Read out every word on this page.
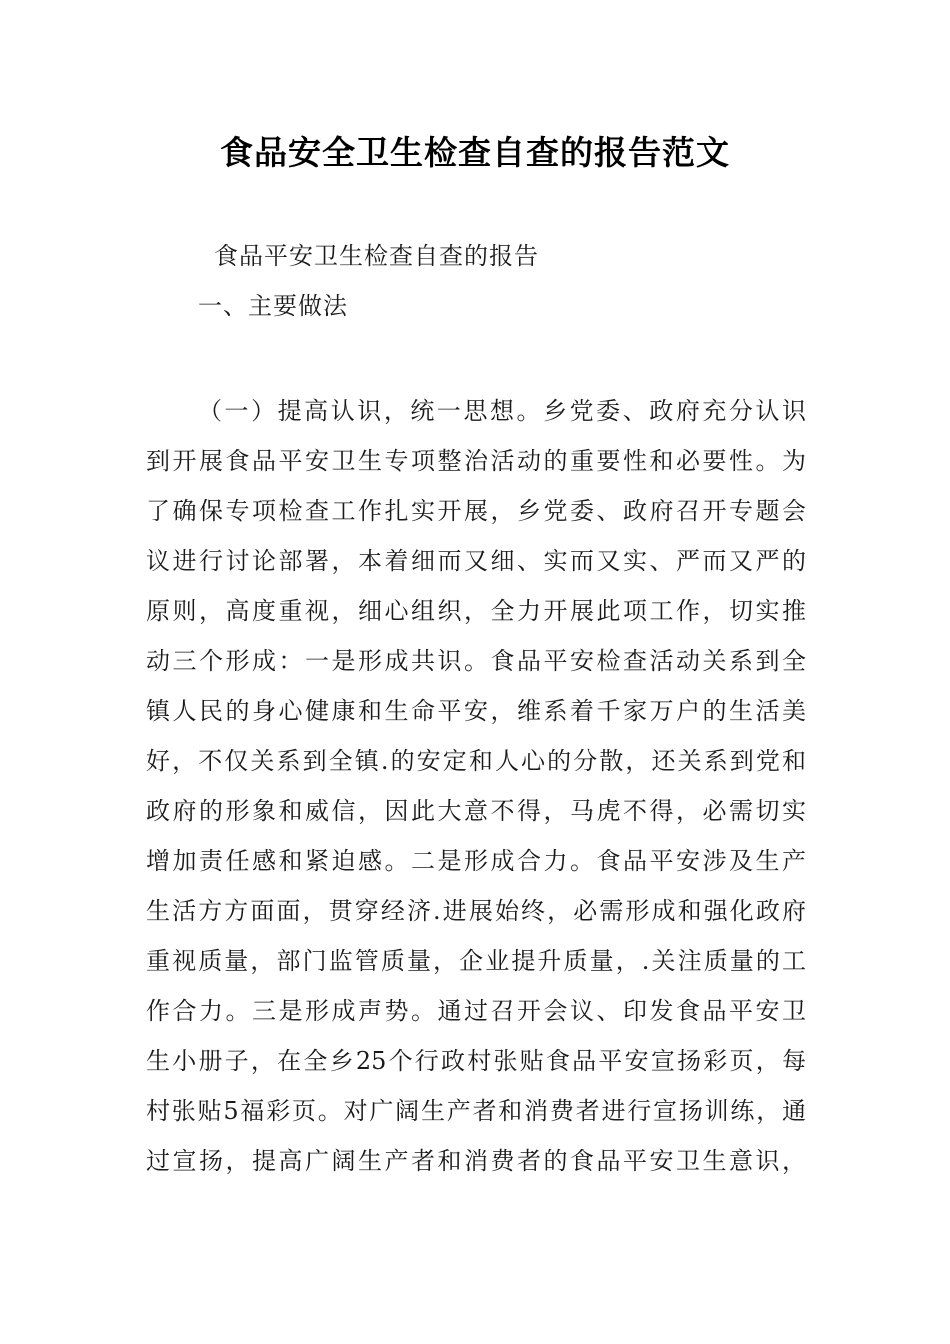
食品安全卫生检查自查的报告范文
食品平安卫生检查自查的报告
一、主要做法
（一）提高认识，统一思想。乡党委、政府充分认识
到开展食品平安卫生专项整治活动的重要性和必要性。为
了确保专项检查工作扎实开展，乡党委、政府召开专题会
议进行讨论部署，本着细而又细、实而又实、严而又严的
原则，高度重视，细心组织，全力开展此项工作，切实推
动三个形成：一是形成共识。食品平安检查活动关系到全
镇人民的身心健康和生命平安，维系着千家万户的生活美
好，不仅关系到全镇.的安定和人心的分散，还关系到党和
政府的形象和威信，因此大意不得，马虎不得，必需切实
增加责任感和紧迫感。二是形成合力。食品平安涉及生产
生活方方面面，贯穿经济.进展始终，必需形成和强化政府
重视质量，部门监管质量，企业提升质量，.关注质量的工
作合力。三是形成声势。通过召开会议、印发食品平安卫
生小册子，在全乡25个行政村张贴食品平安宣扬彩页，每
村张贴5福彩页。对广阔生产者和消费者进行宣扬训练，通
过宣扬，提高广阔生产者和消费者的食品平安卫生意识，
